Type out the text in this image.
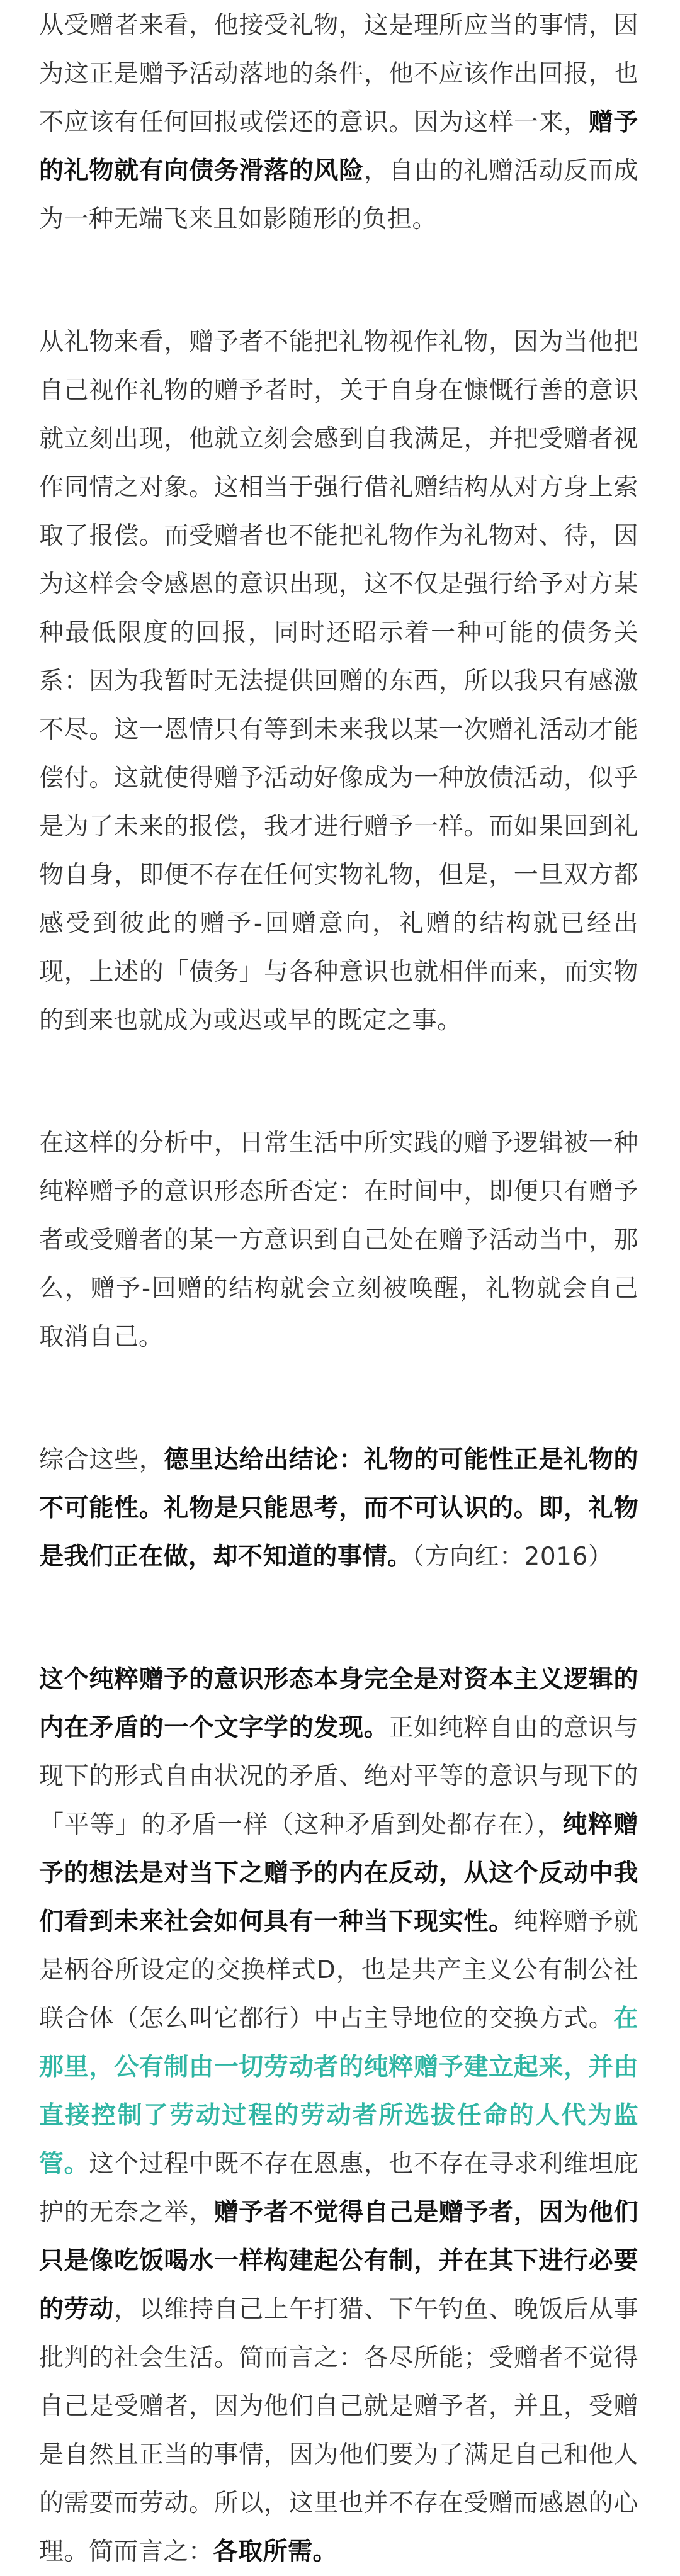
从受赠者来看，他接受礼物，这是理所应当的事情，因为这正是赠予活动落地的条件，他不应该作出回报，也不应该有任何回报或偿还的意识。因为这样一来，赠予的礼物就有向债务滑落的风险，自由的礼赠活动反而成为一种无端飞来且如影随形的负担。

从礼物来看，赠予者不能把礼物视作礼物，因为当他把自己视作礼物的赠予者时，关于自身在慷慨行善的意识就立刻出现，他就立刻会感到自我满足，并把受赠者视作同情之对象。这相当于强行借礼赠结构从对方身上索取了报偿。而受赠者也不能把礼物作为礼物对、待，因为这样会令感恩的意识出现，这不仅是强行给予对方某种最低限度的回报，同时还昭示着一种可能的债务关系：因为我暂时无法提供回赠的东西，所以我只有感激不尽。这一恩情只有等到未来我以某一次赠礼活动才能偿付。这就使得赠予活动好像成为一种放债活动，似乎是为了未来的报偿，我才进行赠予一样。而如果回到礼物自身，即便不存在任何实物礼物，但是，一旦双方都感受到彼此的赠予-回赠意向，礼赠的结构就已经出现，上述的「债务」与各种意识也就相伴而来，而实物的到来也就成为或迟或早的既定之事。

在这样的分析中，日常生活中所实践的赠予逻辑被一种纯粹赠予的意识形态所否定：在时间中，即便只有赠予者或受赠者的某一方意识到自己处在赠予活动当中，那么，赠予-回赠的结构就会立刻被唤醒，礼物就会自己取消自己。

综合这些，德里达给出结论：礼物的可能性正是礼物的不可能性。礼物是只能思考，而不可认识的。即，礼物是我们正在做，却不知道的事情。（方向红：2016）

这个纯粹赠予的意识形态本身完全是对资本主义逻辑的内在矛盾的一个文字学的发现。正如纯粹自由的意识与现下的形式自由状况的矛盾、绝对平等的意识与现下的「平等」的矛盾一样（这种矛盾到处都存在），纯粹赠予的想法是对当下之赠予的内在反动，从这个反动中我们看到未来社会如何具有一种当下现实性。纯粹赠予就是柄谷所设定的交换样式D，也是共产主义公有制公社联合体（怎么叫它都行）中占主导地位的交换方式。在那里，公有制由一切劳动者的纯粹赠予建立起来，并由直接控制了劳动过程的劳动者所选拔任命的人代为监管。这个过程中既不存在恩惠，也不存在寻求利维坦庇护的无奈之举，赠予者不觉得自己是赠予者，因为他们只是像吃饭喝水一样构建起公有制，并在其下进行必要的劳动，以维持自己上午打猎、下午钓鱼、晚饭后从事批判的社会生活。简而言之：各尽所能；受赠者不觉得自己是受赠者，因为他们自己就是赠予者，并且，受赠是自然且正当的事情，因为他们要为了满足自己和他人的需要而劳动。所以，这里也并不存在受赠而感恩的心理。简而言之：各取所需。
